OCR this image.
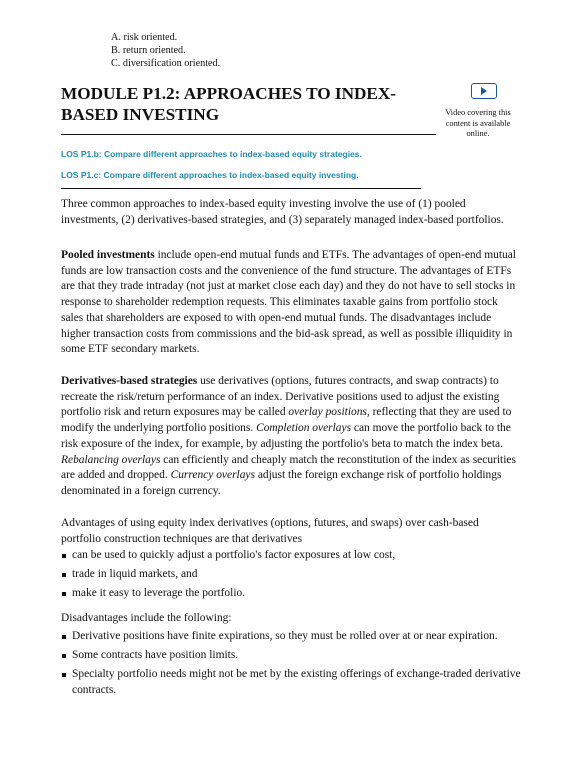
A. risk oriented.
B. return oriented.
C. diversification oriented.
MODULE P1.2: APPROACHES TO INDEX-BASED INVESTING	Video covering this content is available online.
LOS P1.b: Compare different approaches to index-based equity strategies.
LOS P1.c: Compare different approaches to index-based equity investing.

Three common approaches to index-based equity investing involve the use of (1) pooled investments, (2) derivatives-based strategies, and (3) separately managed index-based portfolios.

Pooled investments include open-end mutual funds and ETFs. The advantages of open-end mutual funds are low transaction costs and the convenience of the fund structure. The advantages of ETFs are that they trade intraday (not just at market close each day) and they do not have to sell stocks in response to shareholder redemption requests. This eliminates taxable gains from portfolio stock sales that shareholders are exposed to with open-end mutual funds. The disadvantages include higher transaction costs from commissions and the bid-ask spread, as well as possible illiquidity in some ETF secondary markets.

Derivatives-based strategies use derivatives (options, futures contracts, and swap contracts) to recreate the risk/return performance of an index. Derivative positions used to adjust the existing portfolio risk and return exposures may be called overlay positions, reflecting that they are used to modify the underlying portfolio positions. Completion overlays can move the portfolio back to the risk exposure of the index, for example, by adjusting the portfolio's beta to match the index beta. Rebalancing overlays can efficiently and cheaply match the reconstitution of the index as securities are added and dropped. Currency overlays adjust the foreign exchange risk of portfolio holdings denominated in a foreign currency.

Advantages of using equity index derivatives (options, futures, and swaps) over cash-based portfolio construction techniques are that derivatives

can be used to quickly adjust a portfolio's factor exposures at low cost,
trade in liquid markets, and
make it easy to leverage the portfolio.

Disadvantages include the following:

Derivative positions have finite expirations, so they must be rolled over at or near expiration.
Some contracts have position limits.
Specialty portfolio needs might not be met by the existing offerings of exchange-traded derivative contracts.
